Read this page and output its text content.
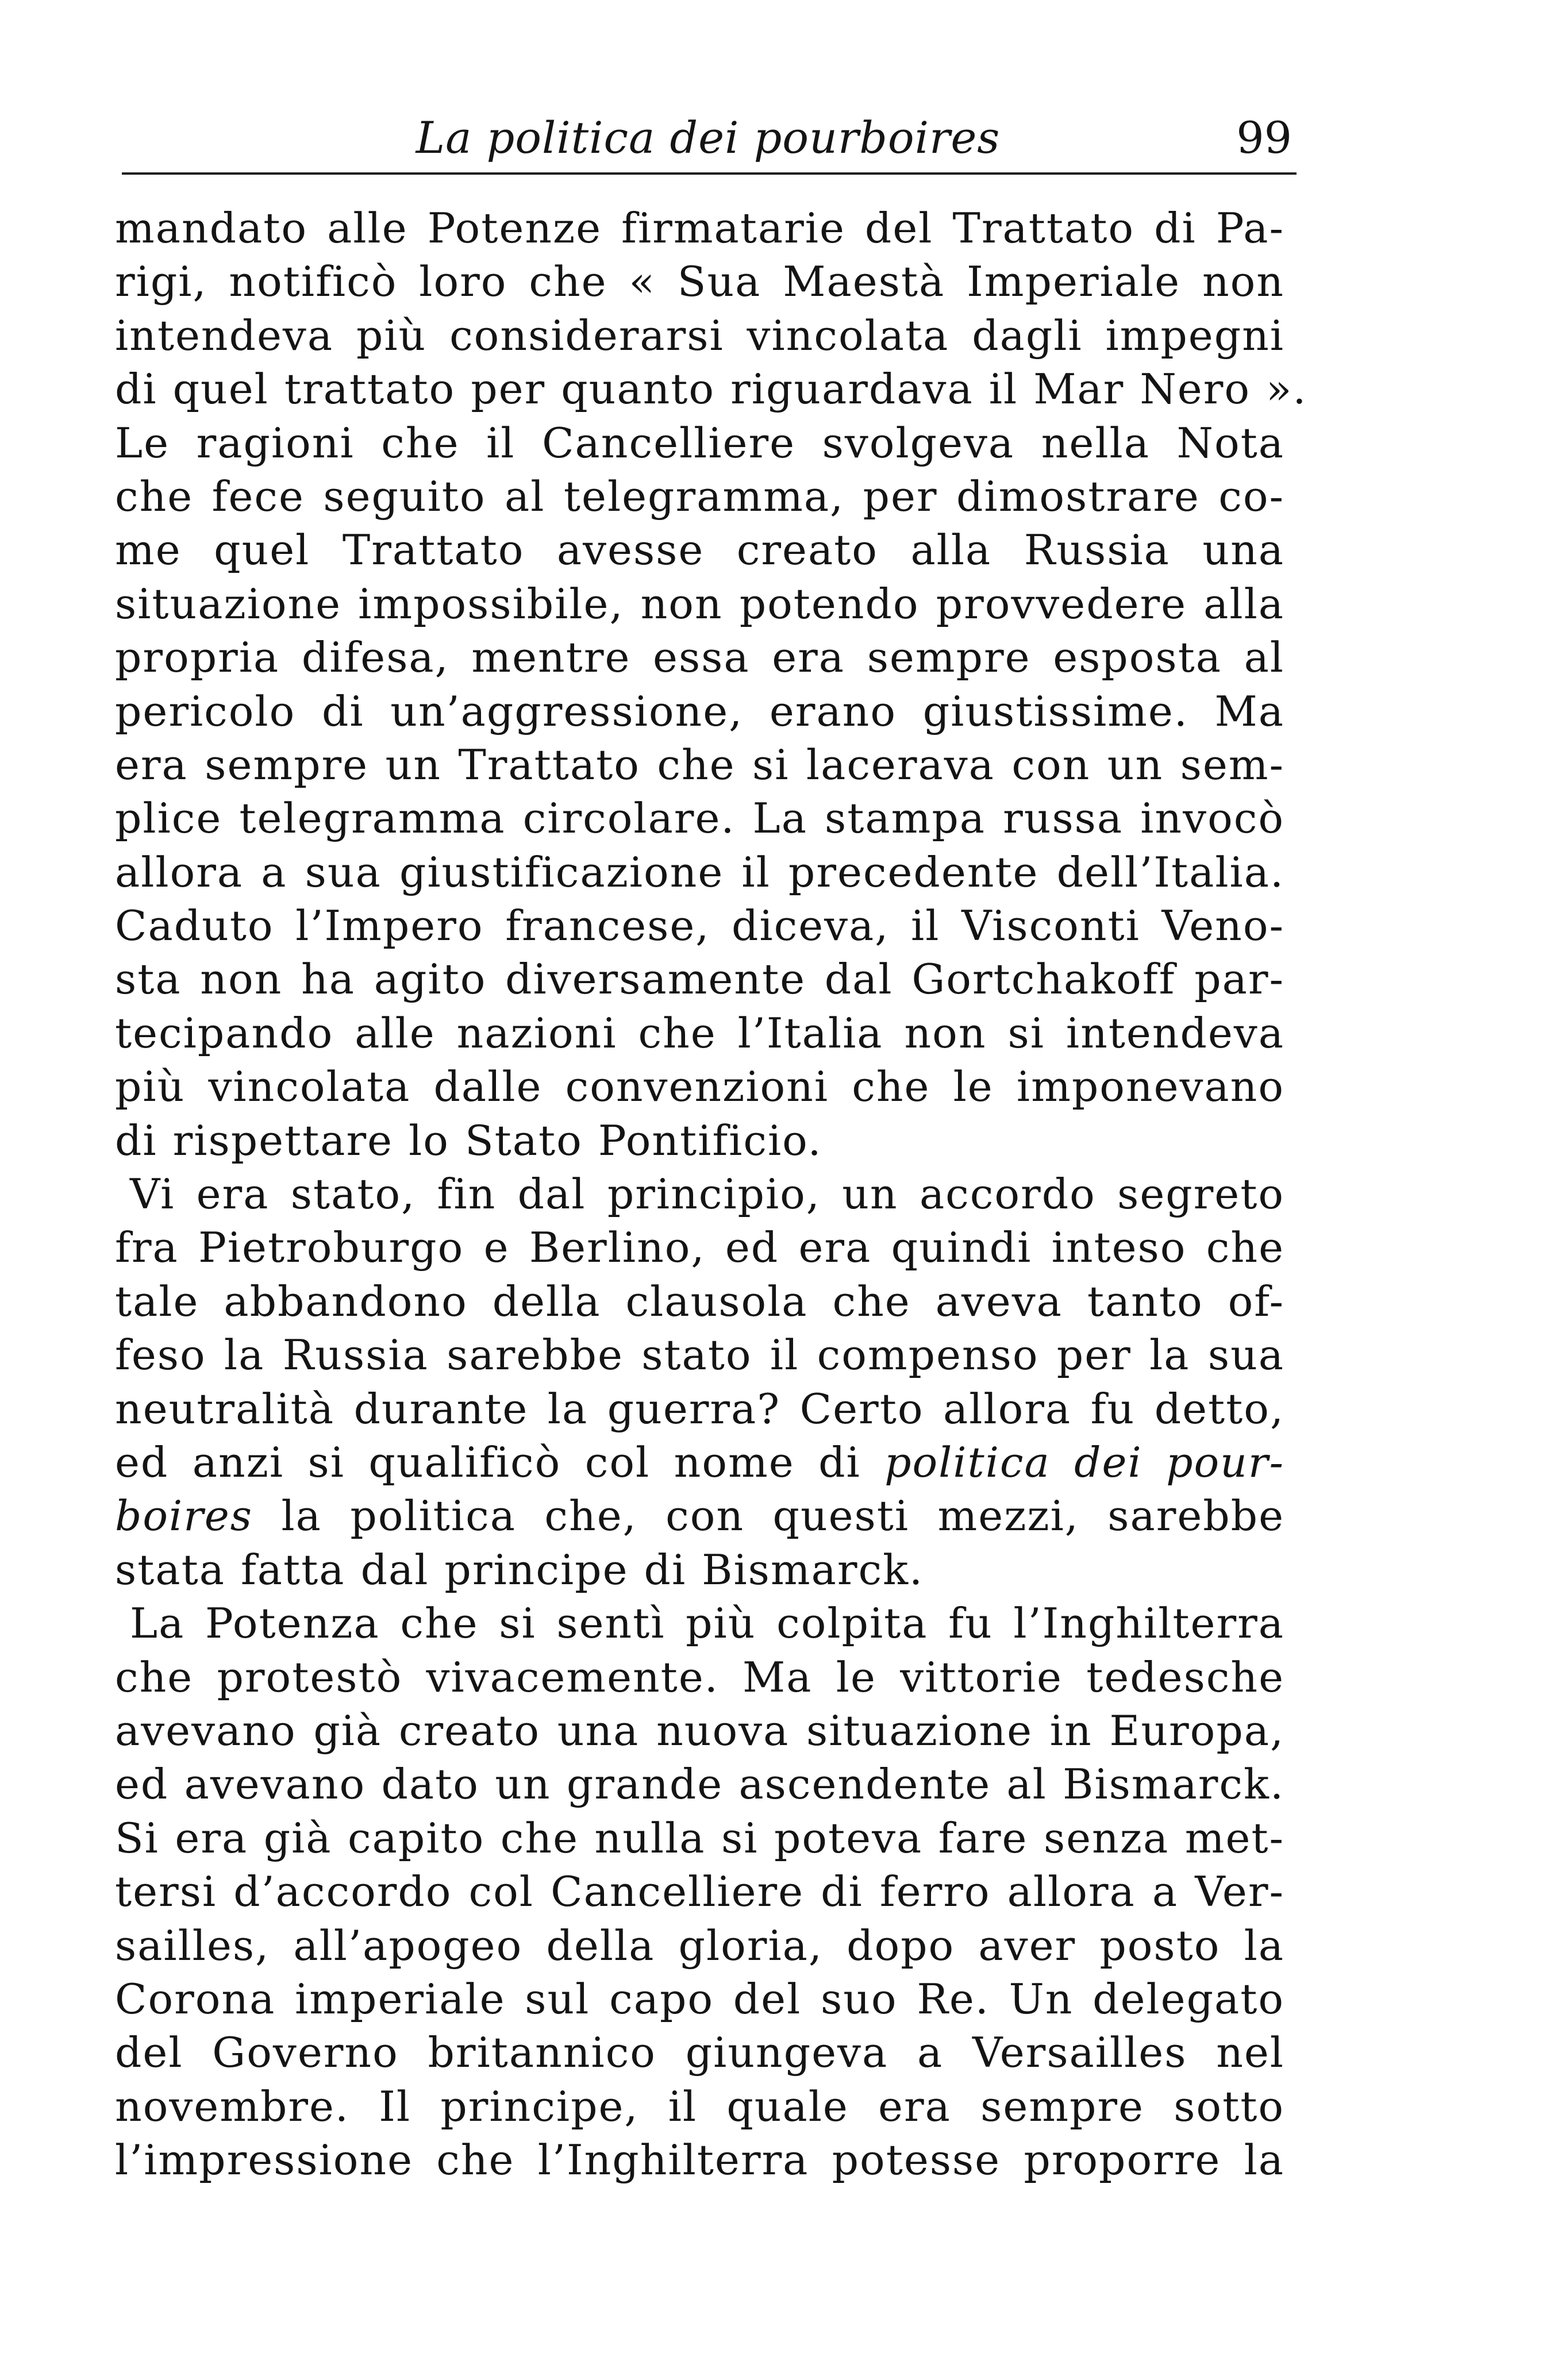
La politica dei pourboires	99
mandato alle Potenze firmatarie del Trattato di Pa-
rigi, notificò loro che « Sua Maestà Imperiale non
intendeva più considerarsi vincolata dagli impegni
di quel trattato per quanto riguardava il Mar Nero ».
Le ragioni che il Cancelliere svolgeva nella Nota
che fece seguito al telegramma, per dimostrare co-
me quel Trattato avesse creato alla Russia una
situazione impossibile, non potendo provvedere alla
propria difesa, mentre essa era sempre esposta al
pericolo di un’aggressione, erano giustissime. Ma
era sempre un Trattato che si lacerava con un sem-
plice telegramma circolare. La stampa russa invocò
allora a sua giustificazione il precedente dell’Italia.
Caduto l’Impero francese, diceva, il Visconti Veno-
sta non ha agito diversamente dal Gortchakoff par-
tecipando alle nazioni che l’Italia non si intendeva
più vincolata dalle convenzioni che le imponevano
di rispettare lo Stato Pontificio.
Vi era stato, fin dal principio, un accordo segreto
fra Pietroburgo e Berlino, ed era quindi inteso che
tale abbandono della clausola che aveva tanto of-
feso la Russia sarebbe stato il compenso per la sua
neutralità durante la guerra? Certo allora fu detto,
ed anzi si qualificò col nome di politica dei pour-
boires la politica che, con questi mezzi, sarebbe
stata fatta dal principe di Bismarck.
La Potenza che si sentì più colpita fu l’Inghilterra
che protestò vivacemente. Ma le vittorie tedesche
avevano già creato una nuova situazione in Europa,
ed avevano dato un grande ascendente al Bismarck.
Si era già capito che nulla si poteva fare senza met-
tersi d’accordo col Cancelliere di ferro allora a Ver-
sailles, all’apogeo della gloria, dopo aver posto la
Corona imperiale sul capo del suo Re. Un delegato
del Governo britannico giungeva a Versailles nel
novembre. Il principe, il quale era sempre sotto
l’impressione che l’Inghilterra potesse proporre la
